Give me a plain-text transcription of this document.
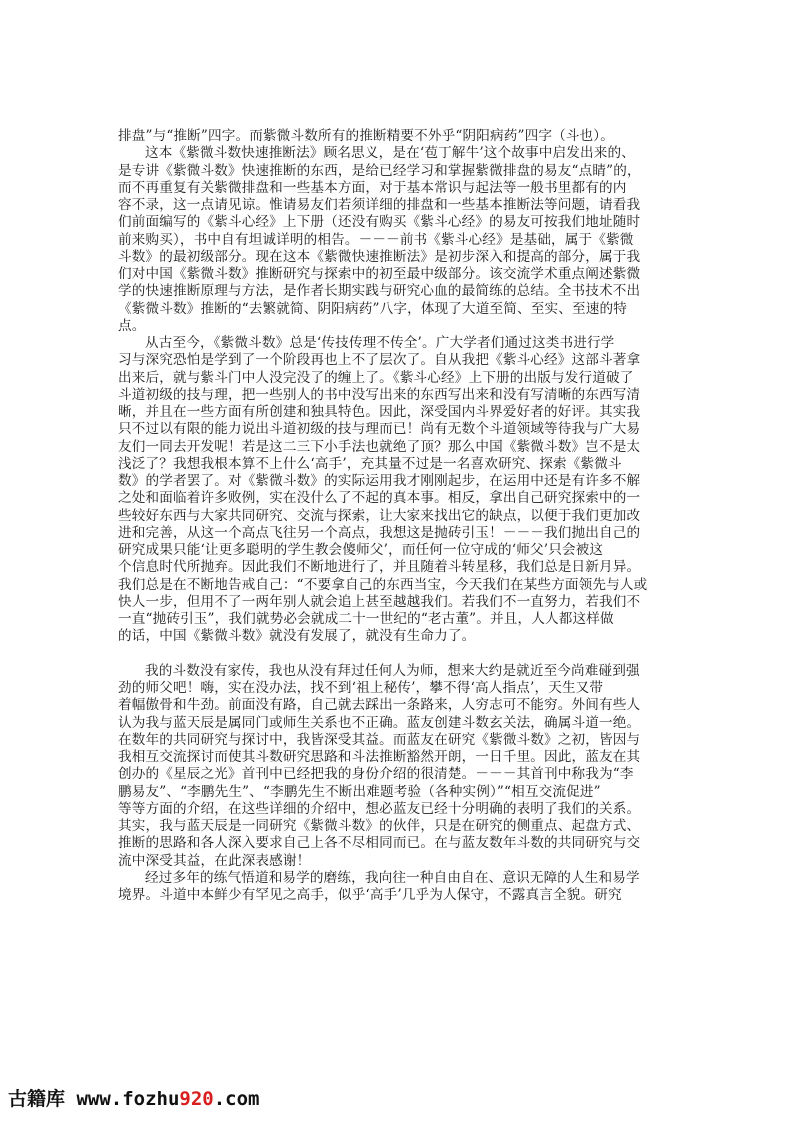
排盘”与“推断”四字。而紫微斗数所有的推断精要不外乎“阴阳病药”四字（斗也）。
这本《紫微斗数快速推断法》顾名思义，是在‘苞丁解牛’这个故事中启发出来的、
是专讲《紫微斗数》快速推断的东西，是给已经学习和掌握紫微排盘的易友“点睛”的，
而不再重复有关紫微排盘和一些基本方面，对于基本常识与起法等一般书里都有的内
容不录，这一点请见谅。惟请易友们若须详细的排盘和一些基本推断法等问题，请看我
们前面编写的《紫斗心经》上下册（还没有购买《紫斗心经》的易友可按我们地址随时
前来购买），书中自有坦诚详明的相告。－－－前书《紫斗心经》是基础，属于《紫微
斗数》的最初级部分。现在这本《紫微快速推断法》是初步深入和提高的部分，属于我
们对中国《紫微斗数》推断研究与探索中的初至最中级部分。该交流学术重点阐述紫微
学的快速推断原理与方法，是作者长期实践与研究心血的最简练的总结。全书技术不出
《紫微斗数》推断的“去繁就简、阴阳病药”八字，体现了大道至简、至实、至速的特
点。
从古至今，《紫微斗数》总是‘传技传理不传全’。广大学者们通过这类书进行学
习与深究恐怕是学到了一个阶段再也上不了层次了。自从我把《紫斗心经》这部斗著拿
出来后，就与紫斗门中人没完没了的缠上了。《紫斗心经》上下册的出版与发行道破了
斗道初级的技与理，把一些别人的书中没写出来的东西写出来和没有写清晰的东西写清
晰，并且在一些方面有所创建和独具特色。因此，深受国内斗界爱好者的好评。其实我
只不过以有限的能力说出斗道初级的技与理而已！尚有无数个斗道领域等待我与广大易
友们一同去开发呢！若是这二三下小手法也就绝了顶？那么中国《紫微斗数》岂不是太
浅泛了？我想我根本算不上什么‘高手’，充其量不过是一名喜欢研究、探索《紫微斗
数》的学者罢了。对《紫微斗数》的实际运用我才刚刚起步，在运用中还是有许多不解
之处和面临着许多败例，实在没什么了不起的真本事。相反，拿出自己研究探索中的一
些较好东西与大家共同研究、交流与探索，让大家来找出它的缺点，以便于我们更加改
进和完善，从这一个高点飞往另一个高点，我想这是抛砖引玉！－－－我们抛出自己的
研究成果只能‘让更多聪明的学生教会傻师父’，而任何一位守成的‘师父’只会被这
个信息时代所抛弃。因此我们不断地进行了，并且随着斗转星移，我们总是日新月异。
我们总是在不断地告戒自己：“不要拿自己的东西当宝，今天我们在某些方面领先与人或
快人一步，但用不了一两年别人就会追上甚至越越我们。若我们不一直努力，若我们不
一直“抛砖引玉”，我们就势必会就成二十一世纪的“老古董”。并且，人人都这样做
的话，中国《紫微斗数》就没有发展了，就没有生命力了。
我的斗数没有家传，我也从没有拜过任何人为师，想来大约是就近至今尚难碰到强
劲的师父吧！嗨，实在没办法，找不到‘祖上秘传’，攀不得‘高人指点’，天生又带
着幅傲骨和牛劲。前面没有路，自己就去踩出一条路来，人穷志可不能穷。外间有些人
认为我与蓝天辰是属同门或师生关系也不正确。蓝友创建斗数玄关法，确属斗道一绝。
在数年的共同研究与探讨中，我皆深受其益。而蓝友在研究《紫微斗数》之初，皆因与
我相互交流探讨而使其斗数研究思路和斗法推断豁然开朗，一日千里。因此，蓝友在其
创办的《星辰之光》首刊中已经把我的身份介绍的很清楚。－－－其首刊中称我为“李
鹏易友”、“李鹏先生”、“李鹏先生不断出难题考验（各种实例）”“相互交流促进”
等等方面的介绍，在这些详细的介绍中，想必蓝友已经十分明确的表明了我们的关系。
其实，我与蓝天辰是一同研究《紫微斗数》的伙伴，只是在研究的侧重点、起盘方式、
推断的思路和各人深入要求自己上各不尽相同而已。在与蓝友数年斗数的共同研究与交
流中深受其益，在此深表感谢！
经过多年的练气悟道和易学的磨练，我向往一种自由自在、意识无障的人生和易学
境界。斗道中本鲜少有罕见之高手，似乎‘高手’几乎为人保守，不露真言全貌。研究
古籍库 www.fozhu920.com
